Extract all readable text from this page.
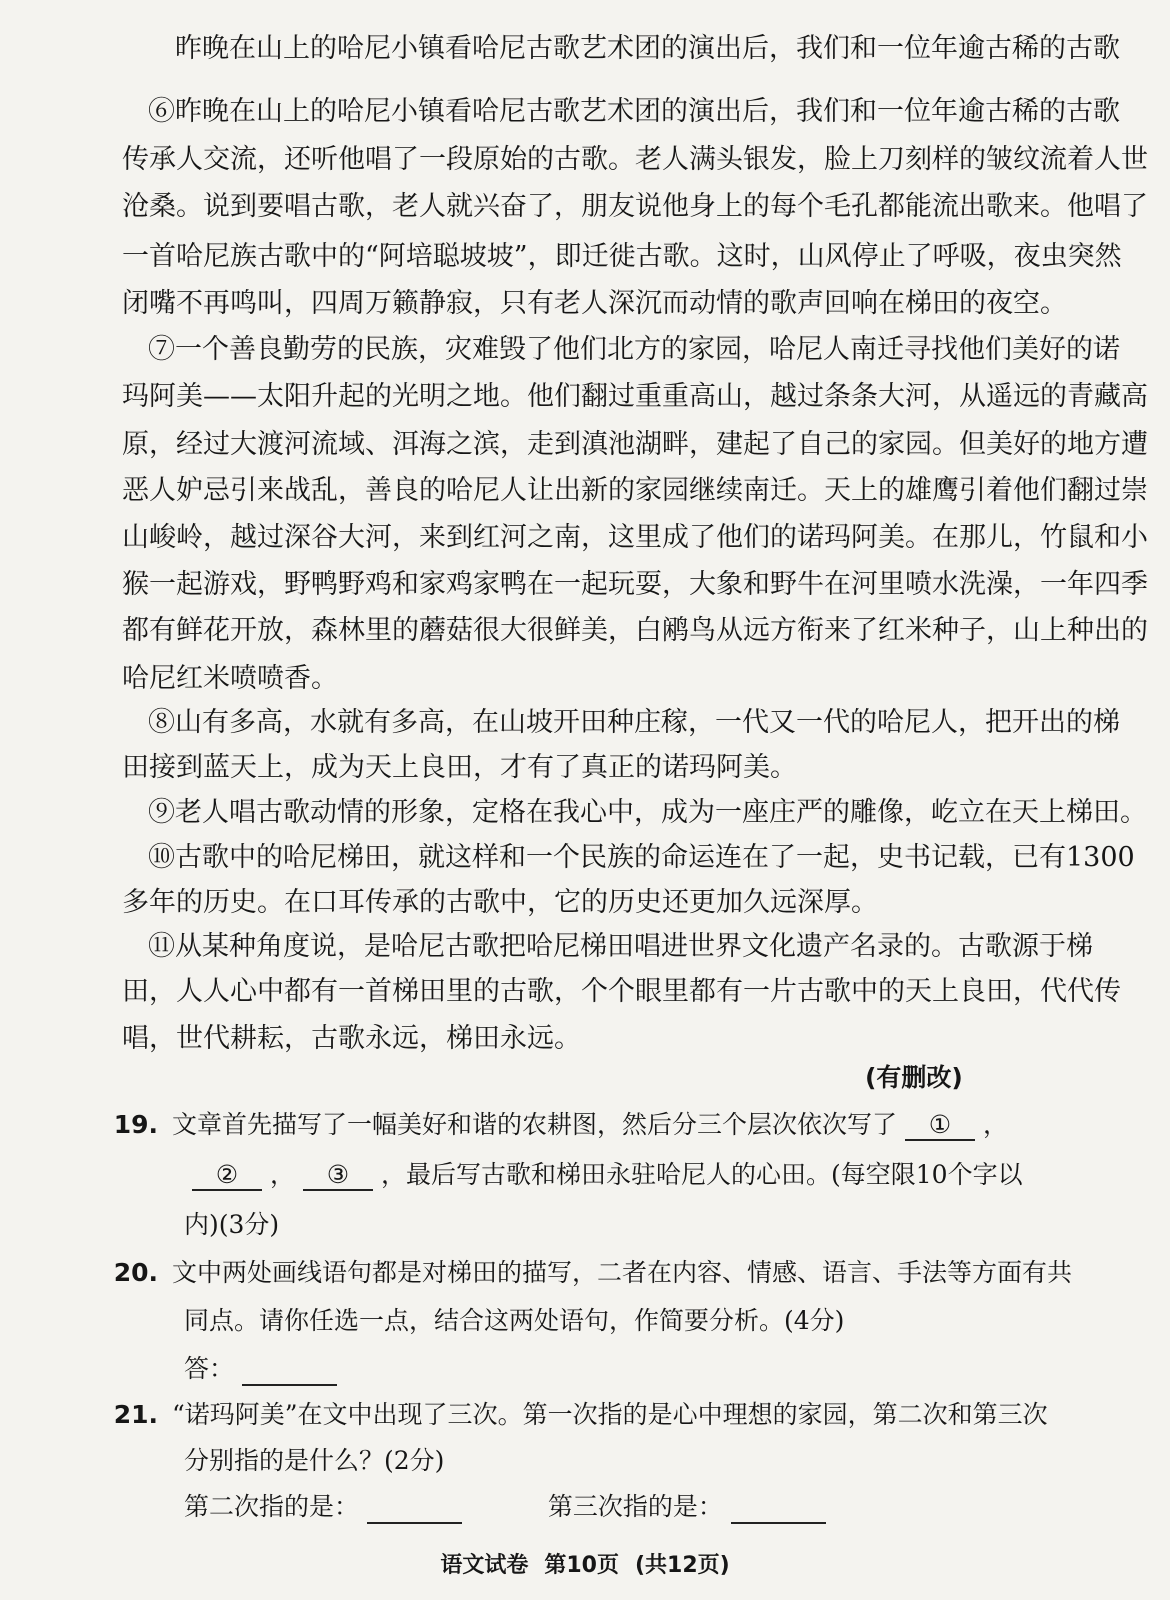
昨晚在山上的哈尼小镇看哈尼古歌艺术团的演出后，我们和一位年逾古稀的古歌
⑥昨晚在山上的哈尼小镇看哈尼古歌艺术团的演出后，我们和一位年逾古稀的古歌
传承人交流，还听他唱了一段原始的古歌。老人满头银发，脸上刀刻样的皱纹流着人世
沧桑。说到要唱古歌，老人就兴奋了，朋友说他身上的每个毛孔都能流出歌来。他唱了
一首哈尼族古歌中的“阿培聪坡坡”，即迁徙古歌。这时，山风停止了呼吸，夜虫突然
闭嘴不再鸣叫，四周万籁静寂，只有老人深沉而动情的歌声回响在梯田的夜空。
⑦一个善良勤劳的民族，灾难毁了他们北方的家园，哈尼人南迁寻找他们美好的诺
玛阿美——太阳升起的光明之地。他们翻过重重高山，越过条条大河，从遥远的青藏高
原，经过大渡河流域、洱海之滨，走到滇池湖畔，建起了自己的家园。但美好的地方遭
恶人妒忌引来战乱，善良的哈尼人让出新的家园继续南迁。天上的雄鹰引着他们翻过崇
山峻岭，越过深谷大河，来到红河之南，这里成了他们的诺玛阿美。在那儿，竹鼠和小
猴一起游戏，野鸭野鸡和家鸡家鸭在一起玩耍，大象和野牛在河里喷水洗澡，一年四季
都有鲜花开放，森林里的蘑菇很大很鲜美，白鹇鸟从远方衔来了红米种子，山上种出的
哈尼红米喷喷香。
⑧山有多高，水就有多高，在山坡开田种庄稼，一代又一代的哈尼人，把开出的梯
田接到蓝天上，成为天上良田，才有了真正的诺玛阿美。
⑨老人唱古歌动情的形象，定格在我心中，成为一座庄严的雕像，屹立在天上梯田。
⑩古歌中的哈尼梯田，就这样和一个民族的命运连在了一起，史书记载，已有1300
多年的历史。在口耳传承的古歌中，它的历史还更加久远深厚。
⑪从某种角度说，是哈尼古歌把哈尼梯田唱进世界文化遗产名录的。古歌源于梯
田，人人心中都有一首梯田里的古歌，个个眼里都有一片古歌中的天上良田，代代传
唱，世代耕耘，古歌永远，梯田永远。
(有删改)
19. 文章首先描写了一幅美好和谐的农耕图，然后分三个层次依次写了 ① ，
② ， ③ ，最后写古歌和梯田永驻哈尼人的心田。(每空限10个字以
内)(3分)
20. 文中两处画线语句都是对梯田的描写，二者在内容、情感、语言、手法等方面有共
同点。请你任选一点，结合这两处语句，作简要分析。(4分)
答：
21. “诺玛阿美”在文中出现了三次。第一次指的是心中理想的家园，第二次和第三次
分别指的是什么？(2分)
第二次指的是：	第三次指的是：
语文试卷 第10页 (共12页)
